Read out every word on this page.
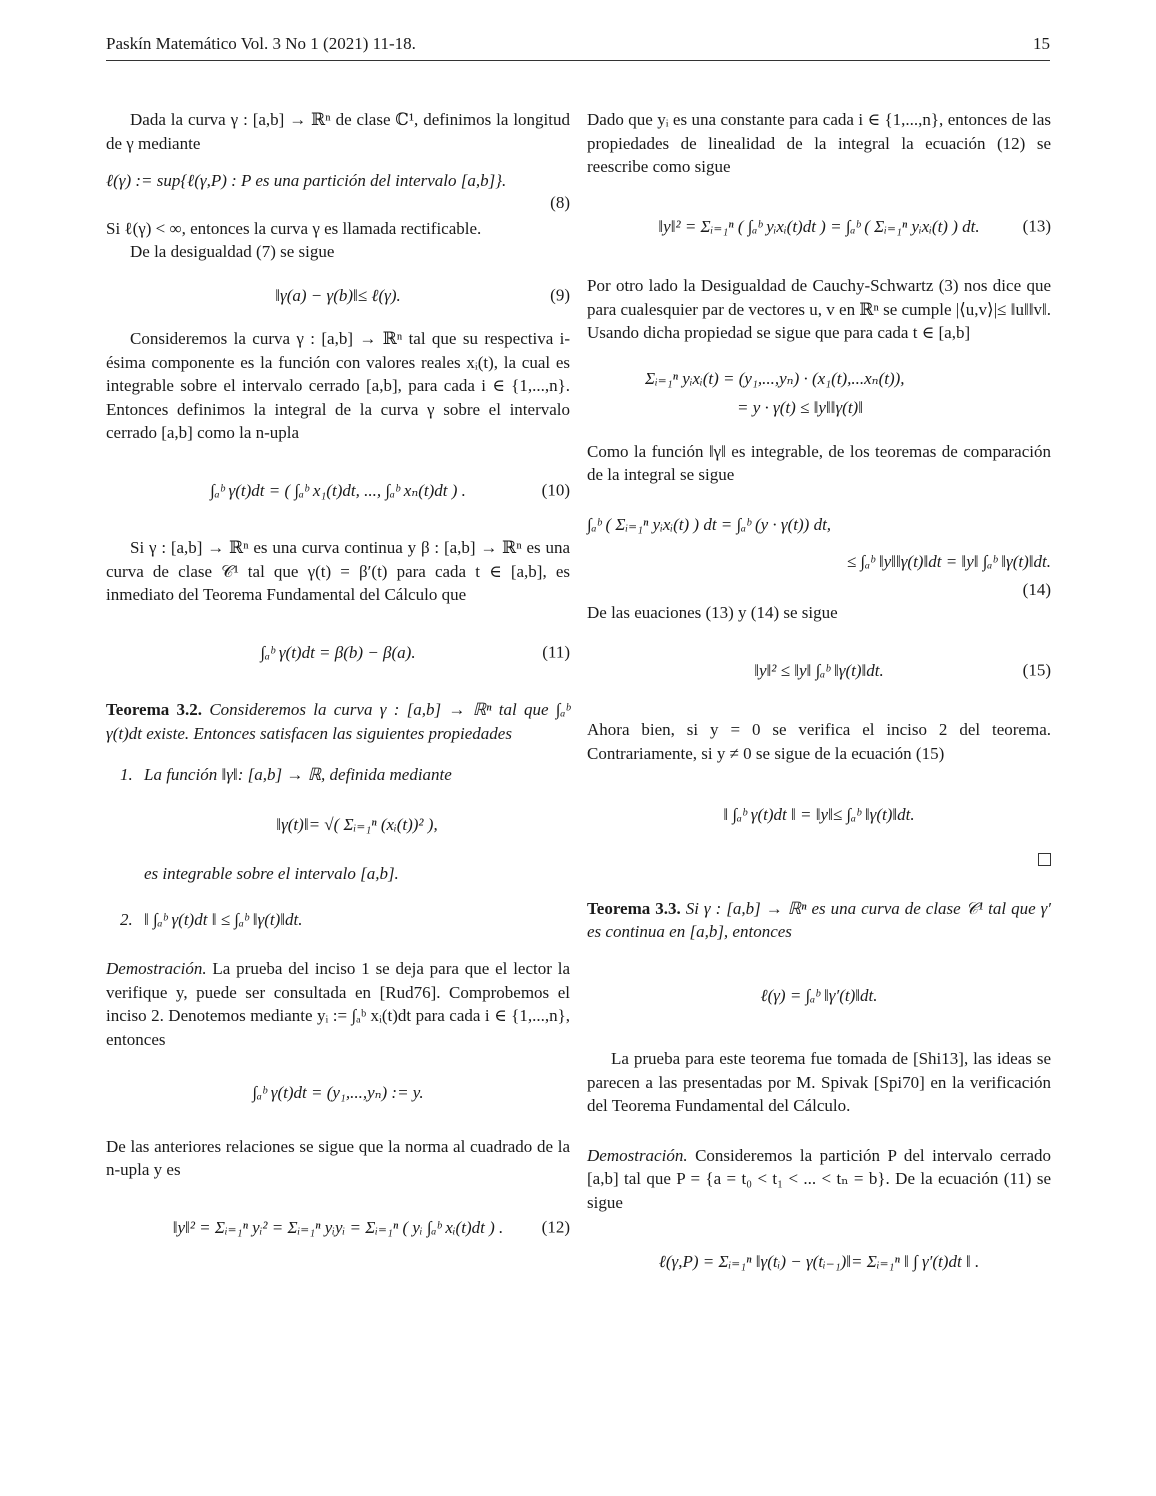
Paskín Matemático Vol. 3 No 1 (2021) 11-18.	15

Dada la curva γ : [a,b] → ℝⁿ de clase ℂ¹, definimos la longitud de γ mediante

ℓ(γ) := sup{ℓ(γ,P) : P es una partición del intervalo [a,b]}.
(8)

Si ℓ(γ) < ∞, entonces la curva γ es llamada rectificable.

De la desigualdad (7) se sigue

‖γ(a) − γ(b)‖≤ ℓ(γ).	(9)

Consideremos la curva γ : [a,b] → ℝⁿ tal que su respectiva i-ésima componente es la función con valores reales xᵢ(t), la cual es integrable sobre el intervalo cerrado [a,b], para cada i ∈ {1,...,n}. Entonces definimos la integral de la curva γ sobre el intervalo cerrado [a,b] como la n-upla

∫ₐᵇ γ(t)dt = ( ∫ₐᵇ x₁(t)dt, ..., ∫ₐᵇ xₙ(t)dt ) .	(10)

Si γ : [a,b] → ℝⁿ es una curva continua y β : [a,b] → ℝⁿ es una curva de clase 𝒞¹ tal que γ(t) = β′(t) para cada t ∈ [a,b], es inmediato del Teorema Fundamental del Cálculo que

∫ₐᵇ γ(t)dt = β(b) − β(a).	(11)

Teorema 3.2. Consideremos la curva γ : [a,b] → ℝⁿ tal que ∫ₐᵇ γ(t)dt existe. Entonces satisfacen las siguientes propiedades

1. La función ‖γ‖: [a,b] → ℝ, definida mediante
‖γ(t)‖= √( Σᵢ₌₁ⁿ (xᵢ(t))² ),
es integrable sobre el intervalo [a,b].
2. ‖ ∫ₐᵇ γ(t)dt ‖ ≤ ∫ₐᵇ ‖γ(t)‖dt.

Demostración. La prueba del inciso 1 se deja para que el lector la verifique y, puede ser consultada en [Rud76]. Comprobemos el inciso 2. Denotemos mediante yᵢ := ∫ₐᵇ xᵢ(t)dt para cada i ∈ {1,...,n}, entonces

∫ₐᵇ γ(t)dt = (y₁,...,yₙ) := y.

De las anteriores relaciones se sigue que la norma al cuadrado de la n-upla y es

‖y‖² = Σᵢ₌₁ⁿ yᵢ² = Σᵢ₌₁ⁿ yᵢyᵢ = Σᵢ₌₁ⁿ ( yᵢ ∫ₐᵇ xᵢ(t)dt ) . (12)

Dado que yᵢ es una constante para cada i ∈ {1,...,n}, entonces de las propiedades de linealidad de la integral la ecuación (12) se reescribe como sigue

‖y‖² = Σᵢ₌₁ⁿ ( ∫ₐᵇ yᵢxᵢ(t)dt ) = ∫ₐᵇ ( Σᵢ₌₁ⁿ yᵢxᵢ(t) ) dt.	(13)

Por otro lado la Desigualdad de Cauchy-Schwartz (3) nos dice que para cualesquier par de vectores u, v en ℝⁿ se cumple |⟨u,v⟩|≤ ‖u‖‖v‖. Usando dicha propiedad se sigue que para cada t ∈ [a,b]

Σᵢ₌₁ⁿ yᵢxᵢ(t) = (y₁,...,yₙ) · (x₁(t),...xₙ(t)),
= y · γ(t) ≤ ‖y‖‖γ(t)‖

Como la función ‖γ‖ es integrable, de los teoremas de comparación de la integral se sigue

∫ₐᵇ ( Σᵢ₌₁ⁿ yᵢxᵢ(t) ) dt = ∫ₐᵇ (y · γ(t)) dt,
≤ ∫ₐᵇ ‖y‖‖γ(t)‖dt = ‖y‖ ∫ₐᵇ ‖γ(t)‖dt.
(14)

De las euaciones (13) y (14) se sigue

‖y‖² ≤ ‖y‖ ∫ₐᵇ ‖γ(t)‖dt.	(15)

Ahora bien, si y = 0 se verifica el inciso 2 del teorema. Contrariamente, si y ≠ 0 se sigue de la ecuación (15)

‖ ∫ₐᵇ γ(t)dt ‖ = ‖y‖≤ ∫ₐᵇ ‖γ(t)‖dt.

Teorema 3.3. Si γ : [a,b] → ℝⁿ es una curva de clase 𝒞¹ tal que γ′ es continua en [a,b], entonces

ℓ(γ) = ∫ₐᵇ ‖γ′(t)‖dt.

La prueba para este teorema fue tomada de [Shi13], las ideas se parecen a las presentadas por M. Spivak [Spi70] en la verificación del Teorema Fundamental del Cálculo.

Demostración. Consideremos la partición P del intervalo cerrado [a,b] tal que P = {a = t₀ < t₁ < ... < tₙ = b}. De la ecuación (11) se sigue

ℓ(γ,P) = Σᵢ₌₁ⁿ ‖γ(tᵢ) − γ(tᵢ₋₁)‖= Σᵢ₌₁ⁿ ‖ ∫ γ′(t)dt ‖ .
